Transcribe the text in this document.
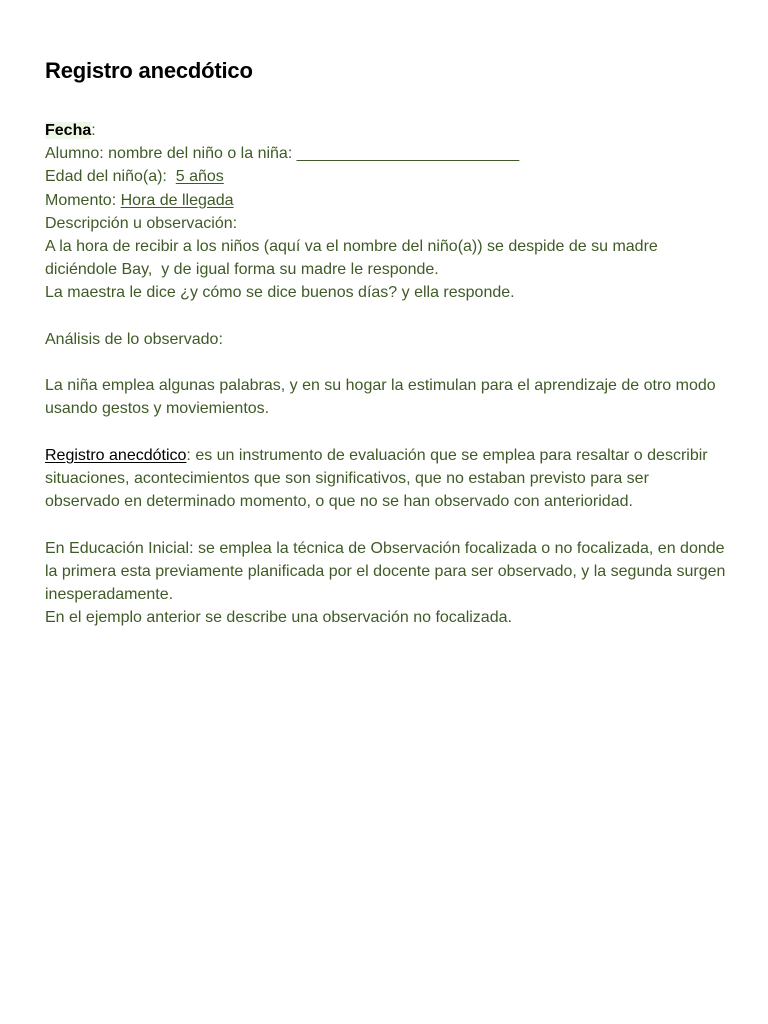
Registro anecdótico
Fecha:
Alumno: nombre del niño o la niña: _________________________
Edad del niño(a):  5 años
Momento: Hora de llegada
Descripción u observación:
A la hora de recibir a los niños (aquí va el nombre del niño(a)) se despide de su madre
diciéndole Bay,  y de igual forma su madre le responde.
La maestra le dice ¿y cómo se dice buenos días? y ella responde.
Análisis de lo observado:
La niña emplea algunas palabras, y en su hogar la estimulan para el aprendizaje de otro modo usando gestos y moviemientos.
Registro anecdótico: es un instrumento de evaluación que se emplea para resaltar o describir situaciones, acontecimientos que son significativos, que no estaban previsto para ser observado en determinado momento, o que no se han observado con anterioridad.
En Educación Inicial: se emplea la técnica de Observación focalizada o no focalizada, en donde la primera esta previamente planificada por el docente para ser observado, y la segunda surgen inesperadamente.
En el ejemplo anterior se describe una observación no focalizada.
